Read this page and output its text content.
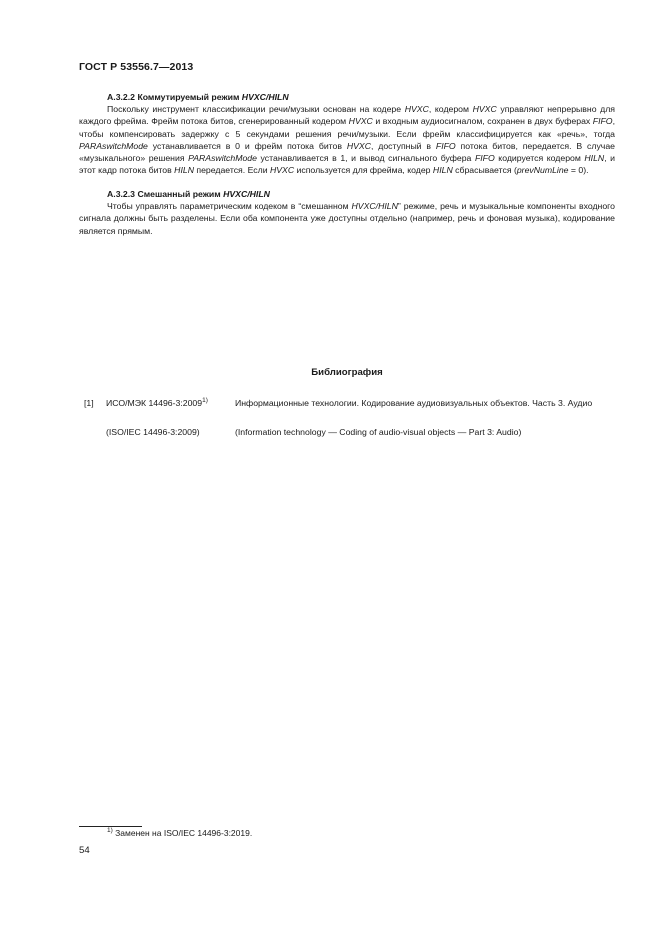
ГОСТ Р 53556.7—2013
А.3.2.2 Коммутируемый режим HVXC/HILN

Поскольку инструмент классификации речи/музыки основан на кодере HVXC, кодером HVXC управляют непрерывно для каждого фрейма. Фрейм потока битов, сгенерированный кодером HVXC и входным аудиосигналом, сохранен в двух буферах FIFO, чтобы компенсировать задержку с 5 секундами решения речи/музыки. Если фрейм классифицируется как «речь», тогда PARAswitchMode устанавливается в 0 и фрейм потока битов HVXC, доступный в FIFO потока битов, передается. В случае «музыкального» решения PARAswitchMode устанавливается в 1, и вывод сигнального буфера FIFO кодируется кодером HILN, и этот кадр потока битов HILN передается. Если HVXC используется для фрейма, кодер HILN сбрасывается (prevNumLine = 0).

А.3.2.3 Смешанный режим HVXC/HILN

Чтобы управлять параметрическим кодеком в “смешанном HVXC/HILN” режиме, речь и музыкальные компоненты входного сигнала должны быть разделены. Если оба компонента уже доступны отдельно (например, речь и фоновая музыка), кодирование является прямым.

Библиография
[1] ИСО/МЭК 14496-3:2009$^{1)}$	Информационные технологии. Кодирование аудиовизуальных объектов. Часть 3. Аудио
(ISO/IEC 14496-3:2009)	(Information technology — Coding of audio-visual objects — Part 3: Audio)
$^{1)}$ Заменен на ISO/IEC 14496-3:2019.
54
